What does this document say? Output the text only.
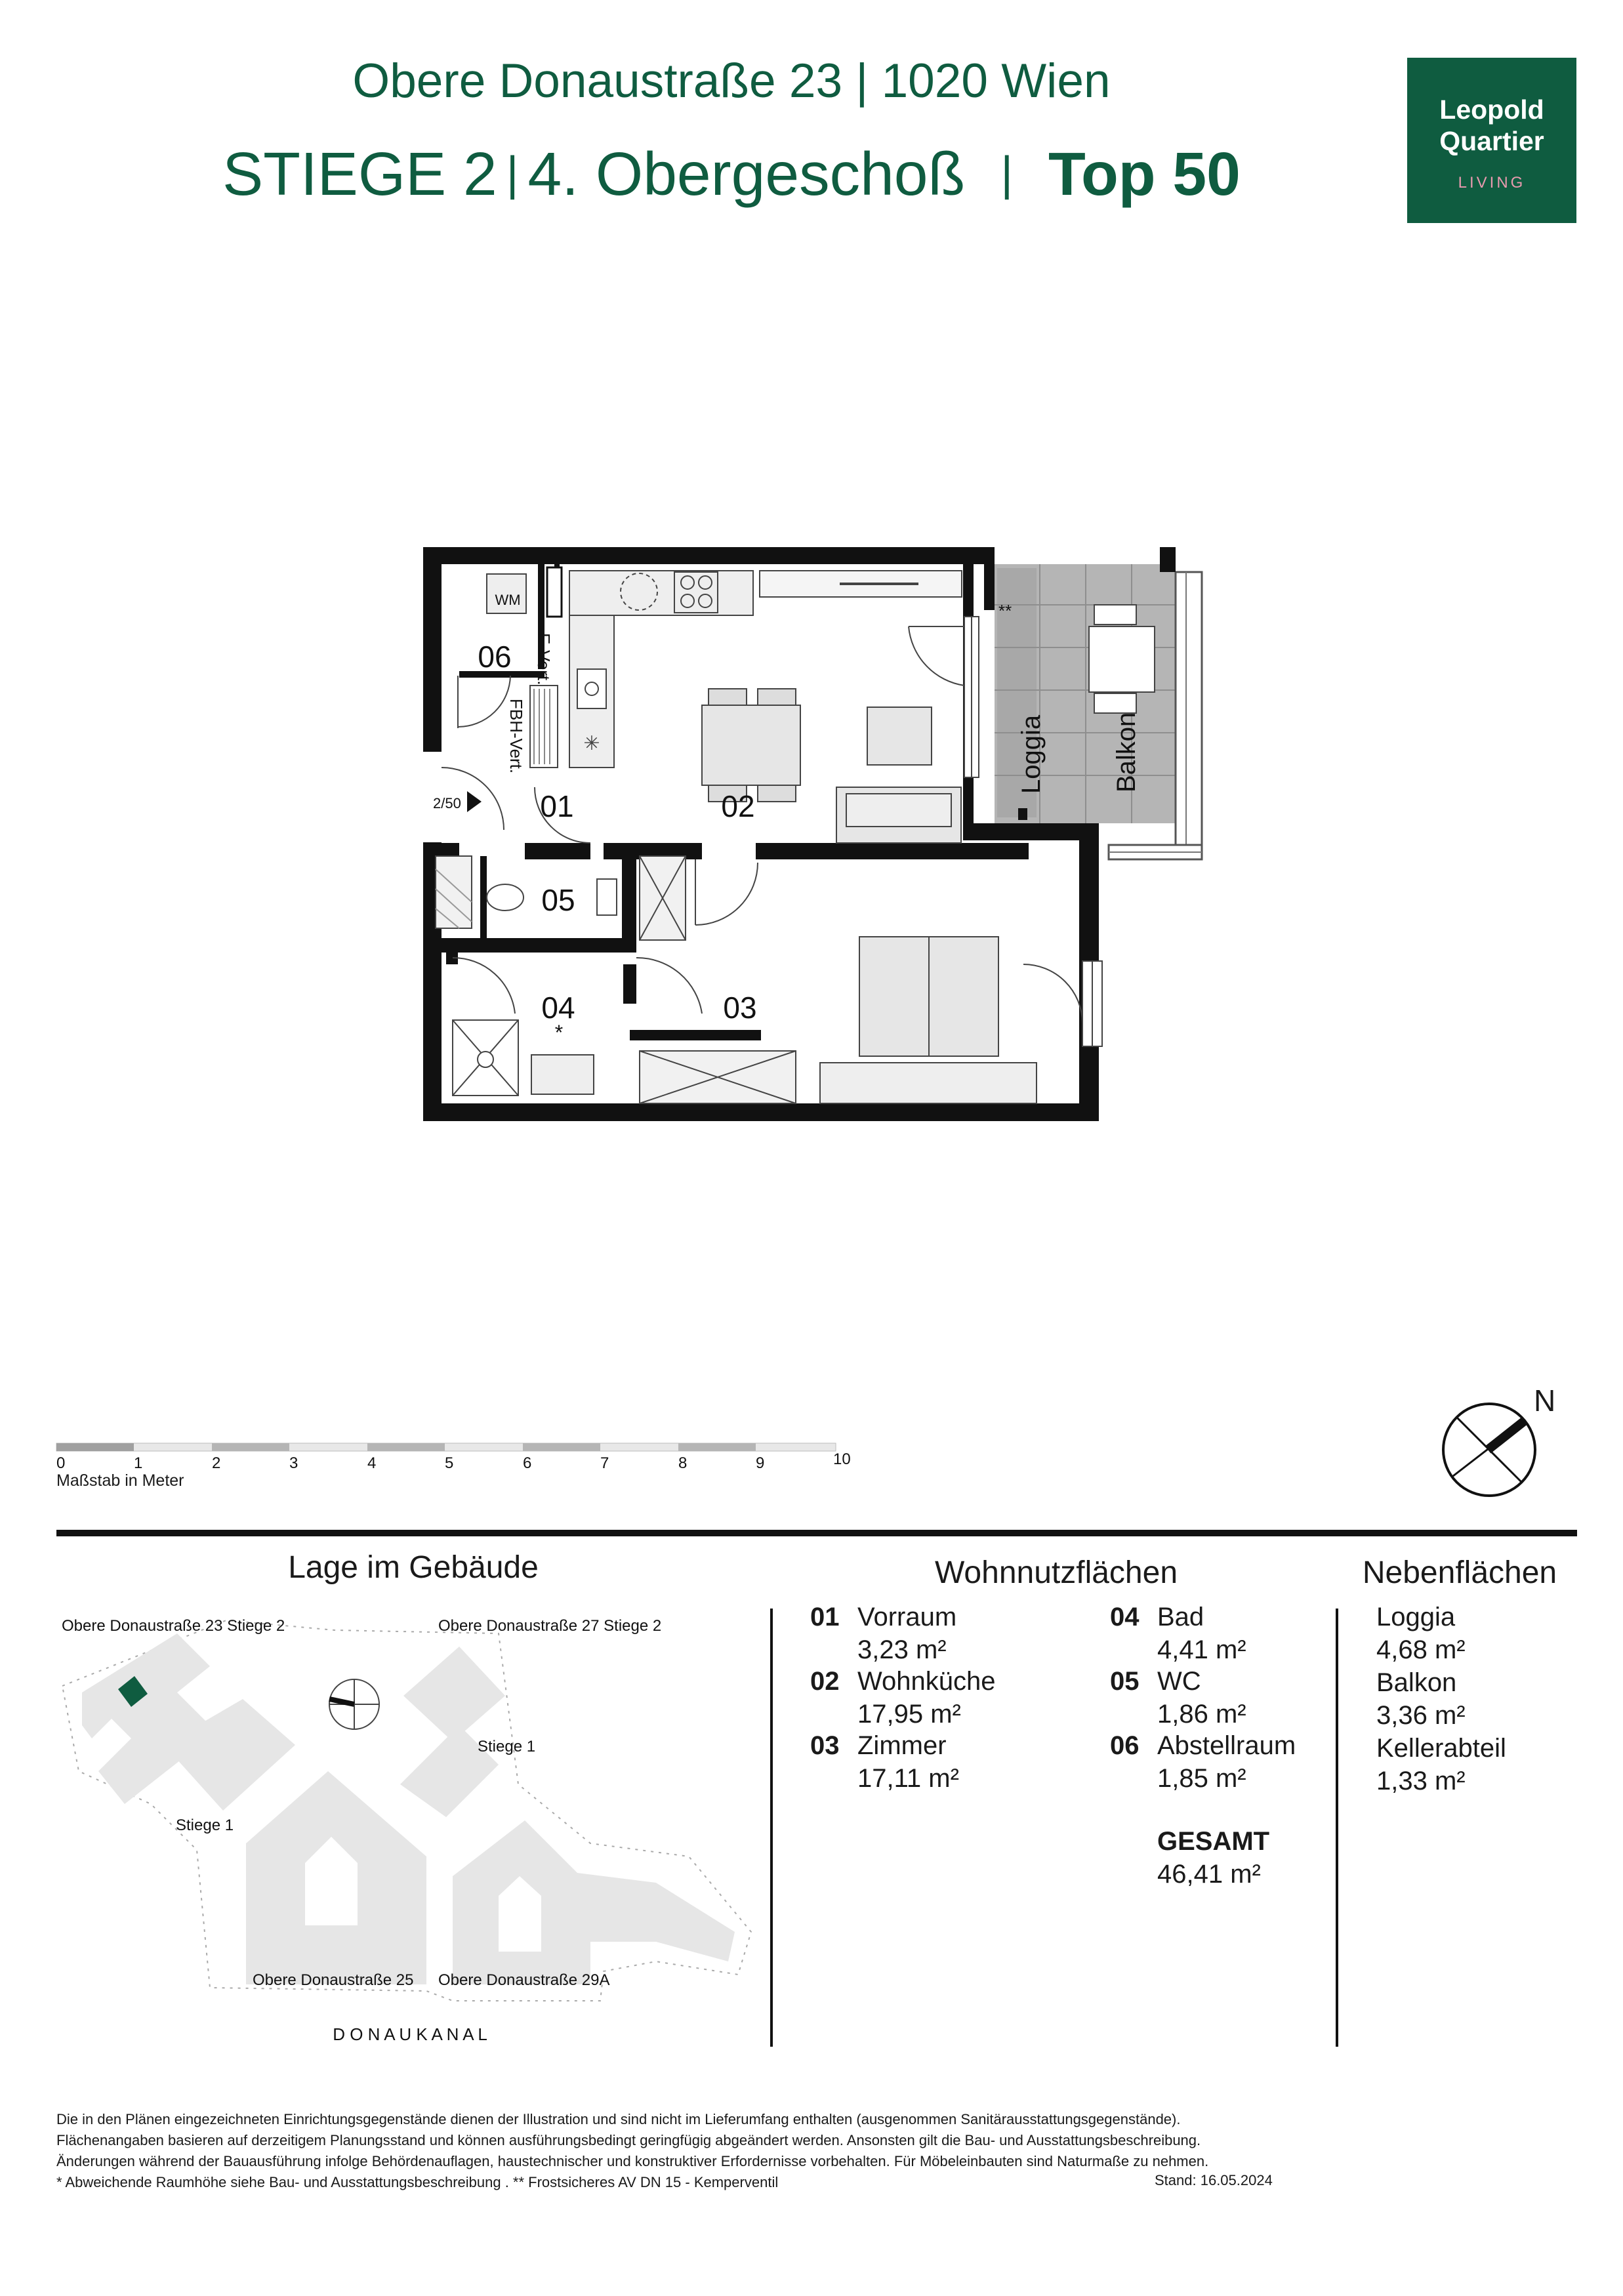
Obere Donaustraße 23 | 1020 Wien
STIEGE 2 | 4. Obergeschoß  |  Top 50
Leopold
Quartier
LIVING
✳
WM
06 E-Vert.
FBH-Vert.
2/50	01	02
05
04	03
*
**
Loggia	Balkon
0	1	2	3	4	5	6	7	8	9	10
Obere Donaustraße 23 Stiege 2	Obere Donaustraße 27 Stiege 2
Stiege 1
Stiege 1
Obere Donaustraße 25 Obere Donaustraße 29A
D O N A U K A N A L
Maßstab in Meter
N
Lage im Gebäude	Wohnnutzflächen	Nebenflächen
01 Vorraum
3,23 m²
02 Wohnküche
17,95 m²
03 Zimmer
17,11 m²
04 Bad
4,41 m²
05 WC
1,86 m²
06 Abstellraum
1,85 m²
GESAMT
46,41 m²
Loggia
4,68 m²
Balkon
3,36 m²
Kellerabteil
1,33 m²

Die in den Plänen eingezeichneten Einrichtungsgegenstände dienen der Illustration und sind nicht im Lieferumfang enthalten (ausgenommen Sanitärausstattungsgegenstände).

Flächenangaben basieren auf derzeitigem Planungsstand und können ausführungsbedingt geringfügig abgeändert werden. Ansonsten gilt die Bau- und Ausstattungsbeschreibung.

Änderungen während der Bauausführung infolge Behördenauflagen, haustechnischer und konstruktiver Erfordernisse vorbehalten. Für Möbeleinbauten sind Naturmaße zu nehmen.

* Abweichende Raumhöhe siehe Bau- und Ausstattungsbeschreibung . ** Frostsicheres AV DN 15 - Kemperventil	Stand: 16.05.2024
